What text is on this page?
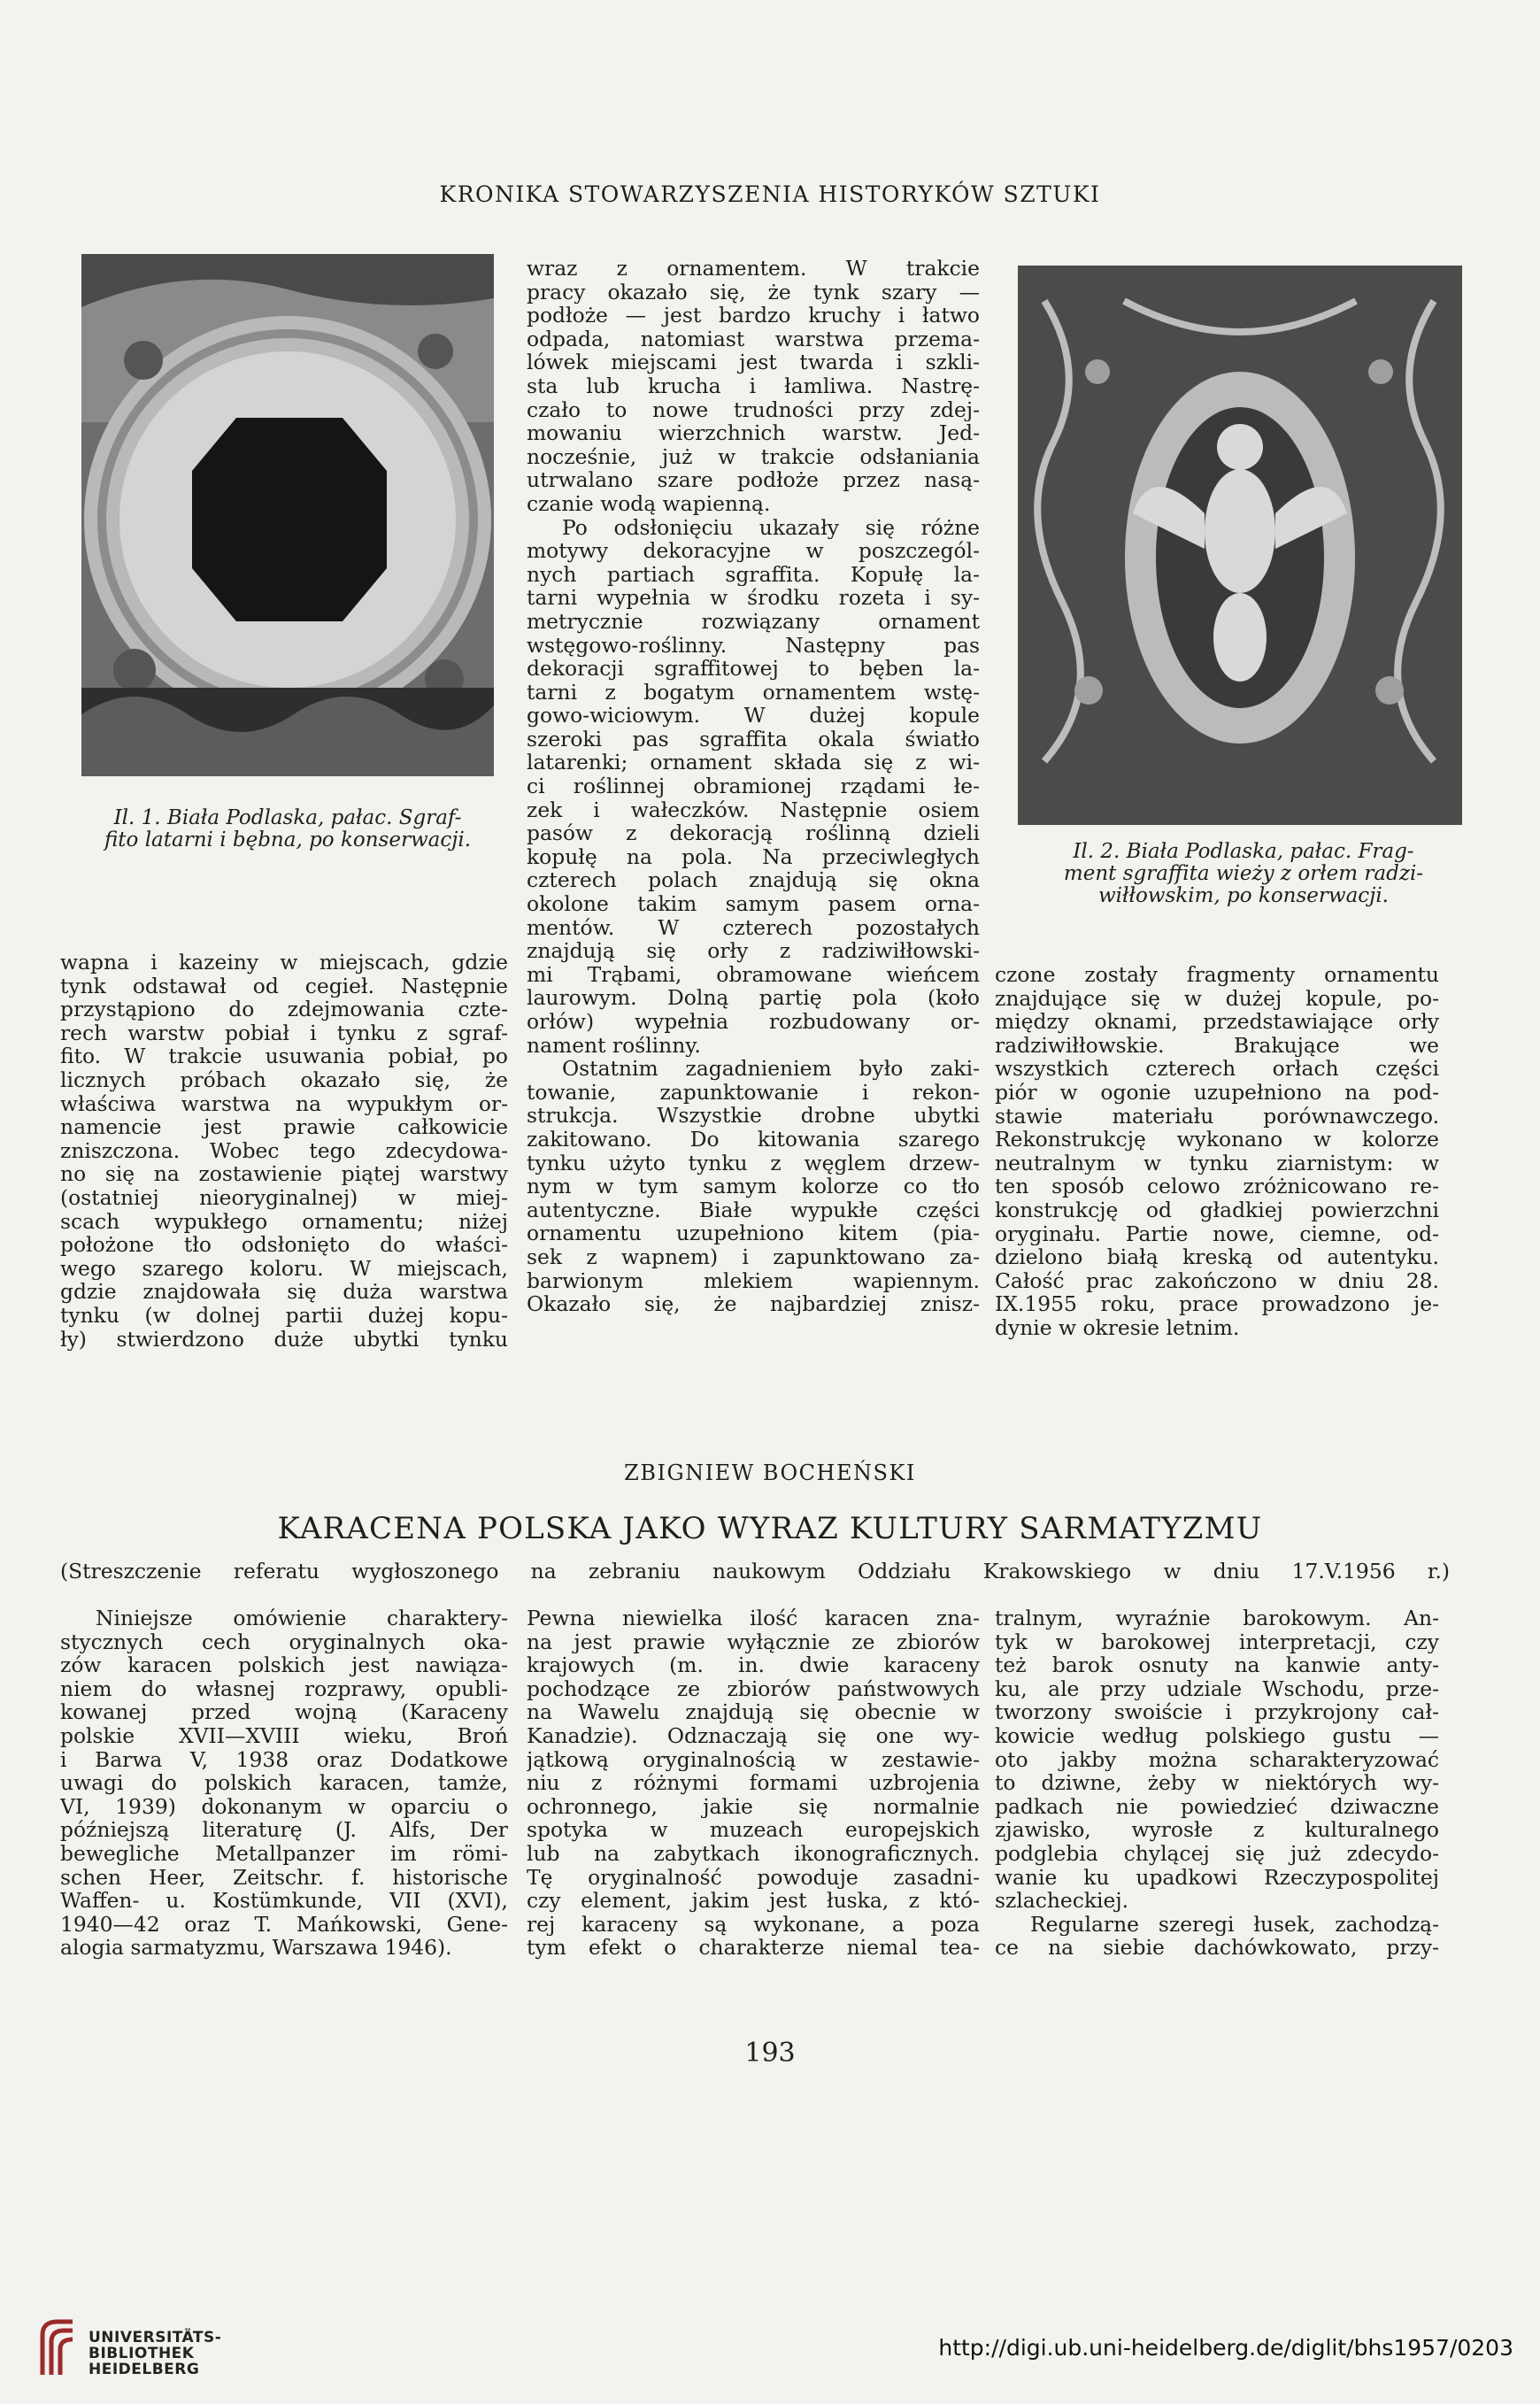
KRONIKA STOWARZYSZENIA HISTORYKÓW SZTUKI
Il. 1. Biała Podlaska, pałac. Sgraf-
fito latarni i bębna, po konserwacji.	Il. 2. Biała Podlaska, pałac. Frag-
ment sgraffita wieży z orłem radzi-
wiłłowskim, po konserwacji.
wapna i kazeiny w miejscach, gdzie
tynk odstawał od cegieł. Następnie
przystąpiono do zdejmowania czte-
rech warstw pobiał i tynku z sgraf-
fito. W trakcie usuwania pobiał, po
licznych próbach okazało się, że
właściwa warstwa na wypukłym or-
namencie jest prawie całkowicie
zniszczona. Wobec tego zdecydowa-
no się na zostawienie piątej warstwy
(ostatniej nieoryginalnej) w miej-
scach wypukłego ornamentu; niżej
położone tło odsłonięto do właści-
wego szarego koloru. W miejscach,
gdzie znajdowała się duża warstwa
tynku (w dolnej partii dużej kopu-
ły) stwierdzono duże ubytki tynku
wraz z ornamentem. W trakcie
pracy okazało się, że tynk szary —
podłoże — jest bardzo kruchy i łatwo
odpada, natomiast warstwa przema-
lówek miejscami jest twarda i szkli-
sta lub krucha i łamliwa. Nastrę-
czało to nowe trudności przy zdej-
mowaniu wierzchnich warstw. Jed-
nocześnie, już w trakcie odsłaniania
utrwalano szare podłoże przez nasą-
czanie wodą wapienną.
Po odsłonięciu ukazały się różne
motywy dekoracyjne w poszczegól-
nych partiach sgraffita. Kopułę la-
tarni wypełnia w środku rozeta i sy-
metrycznie rozwiązany ornament
wstęgowo-roślinny. Następny pas
dekoracji sgraffitowej to bęben la-
tarni z bogatym ornamentem wstę-
gowo-wiciowym. W dużej kopule
szeroki pas sgraffita okala światło
latarenki; ornament składa się z wi-
ci roślinnej obramionej rządami łe-
zek i wałeczków. Następnie osiem
pasów z dekoracją roślinną dzieli
kopułę na pola. Na przeciwległych
czterech polach znajdują się okna
okolone takim samym pasem orna-
mentów. W czterech pozostałych
znajdują się orły z radziwiłłowski-
mi Trąbami, obramowane wieńcem
laurowym. Dolną partię pola (koło
orłów) wypełnia rozbudowany or-
nament roślinny.
Ostatnim zagadnieniem było zaki-
towanie, zapunktowanie i rekon-
strukcja. Wszystkie drobne ubytki
zakitowano. Do kitowania szarego
tynku użyto tynku z węglem drzew-
nym w tym samym kolorze co tło
autentyczne. Białe wypukłe części
ornamentu uzupełniono kitem (pia-
sek z wapnem) i zapunktowano za-
barwionym mlekiem wapiennym.
Okazało się, że najbardziej znisz-
czone zostały fragmenty ornamentu
znajdujące się w dużej kopule, po-
między oknami, przedstawiające orły
radziwiłłowskie. Brakujące we
wszystkich czterech orłach części
piór w ogonie uzupełniono na pod-
stawie materiału porównawczego.
Rekonstrukcję wykonano w kolorze
neutralnym w tynku ziarnistym: w
ten sposób celowo zróżnicowano re-
konstrukcję od gładkiej powierzchni
oryginału. Partie nowe, ciemne, od-
dzielono białą kreską od autentyku.
Całość prac zakończono w dniu 28.
IX.1955 roku, prace prowadzono je-
dynie w okresie letnim.
ZBIGNIEW BOCHEŃSKI
KARACENA POLSKA JAKO WYRAZ KULTURY SARMATYZMU
(Streszczenie referatu wygłoszonego na zebraniu naukowym Oddziału Krakowskiego w dniu 17.V.1956 r.)
Niniejsze omówienie charaktery-
stycznych cech oryginalnych oka-
zów karacen polskich jest nawiąza-
niem do własnej rozprawy, opubli-
kowanej przed wojną (Karaceny
polskie XVII—XVIII wieku, Broń
i Barwa V, 1938 oraz Dodatkowe
uwagi do polskich karacen, tamże,
VI, 1939) dokonanym w oparciu o
późniejszą literaturę (J. Alfs, Der
bewegliche Metallpanzer im römi-
schen Heer, Zeitschr. f. historische
Waffen- u. Kostümkunde, VII (XVI),
1940—42 oraz T. Mańkowski, Gene-
alogia sarmatyzmu, Warszawa 1946).
Pewna niewielka ilość karacen zna-
na jest prawie wyłącznie ze zbiorów
krajowych (m. in. dwie karaceny
pochodzące ze zbiorów państwowych
na Wawelu znajdują się obecnie w
Kanadzie). Odznaczają się one wy-
jątkową oryginalnością w zestawie-
niu z różnymi formami uzbrojenia
ochronnego, jakie się normalnie
spotyka w muzeach europejskich
lub na zabytkach ikonograficznych.
Tę oryginalność powoduje zasadni-
czy element, jakim jest łuska, z któ-
rej karaceny są wykonane, a poza
tym efekt o charakterze niemal tea-
tralnym, wyraźnie barokowym. An-
tyk w barokowej interpretacji, czy
też barok osnuty na kanwie anty-
ku, ale przy udziale Wschodu, prze-
tworzony swoiście i przykrojony cał-
kowicie według polskiego gustu —
oto jakby można scharakteryzować
to dziwne, żeby w niektórych wy-
padkach nie powiedzieć dziwaczne
zjawisko, wyrosłe z kulturalnego
podglebia chylącej się już zdecydo-
wanie ku upadkowi Rzeczypospolitej
szlacheckiej.
Regularne szeregi łusek, zachodzą-
ce na siebie dachówkowato, przy-
193
UNIVERSITÄTS-
BIBLIOTHEK
HEIDELBERG
http://digi.ub.uni-heidelberg.de/diglit/bhs1957/0203
